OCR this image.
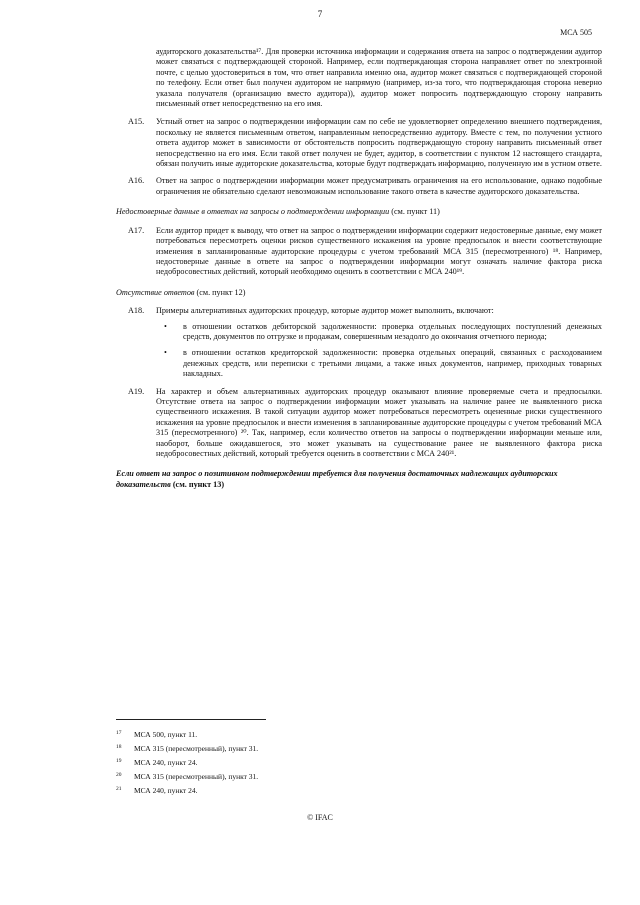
7
МСА 505

аудиторского доказательства¹⁷. Для проверки источника информации и содержания ответа на запрос о подтверждении аудитор может связаться с подтверждающей стороной. Например, если подтверждающая сторона направляет ответ по электронной почте, с целью удостовериться в том, что ответ направила именно она, аудитор может связаться с подтверждающей стороной по телефону. Если ответ был получен аудитором не напрямую (например, из-за того, что подтверждающая сторона неверно указала получателя (организацию вместо аудитора)), аудитор может попросить подтверждающую сторону направить письменный ответ непосредственно на его имя.

A15. Устный ответ на запрос о подтверждении информации сам по себе не удовлетворяет определению внешнего подтверждения, поскольку не является письменным ответом, направленным непосредственно аудитору. Вместе с тем, по получении устного ответа аудитор может в зависимости от обстоятельств попросить подтверждающую сторону направить письменный ответ непосредственно на его имя. Если такой ответ получен не будет, аудитор, в соответствии с пунктом 12 настоящего стандарта, обязан получить иные аудиторские доказательства, которые будут подтверждать информацию, полученную им в устном ответе.
A16. Ответ на запрос о подтверждении информации может предусматривать ограничения на его использование, однако подобные ограничения не обязательно сделают невозможным использование такого ответа в качестве аудиторского доказательства.
Недостоверные данные в ответах на запросы о подтверждении информации (см. пункт 11)
A17. Если аудитор придет к выводу, что ответ на запрос о подтверждении информации содержит недостоверные данные, ему может потребоваться пересмотреть оценки рисков существенного искажения на уровне предпосылок и внести соответствующие изменения в запланированные аудиторские процедуры с учетом требований МСА 315 (пересмотренного) ¹⁸. Например, недостоверные данные в ответе на запрос о подтверждении информации могут означать наличие фактора риска недобросовестных действий, который необходимо оценить в соответствии с МСА 240¹⁹.
Отсутствие ответов (см. пункт 12)
A18. Примеры альтернативных аудиторских процедур, которые аудитор может выполнить, включают:
• в отношении остатков дебиторской задолженности: проверка отдельных последующих поступлений денежных средств, документов по отгрузке и продажам, совершенным незадолго до окончания отчетного периода;
• в отношении остатков кредиторской задолженности: проверка отдельных операций, связанных с расходованием денежных средств, или переписки с третьими лицами, а также иных документов, например, приходных товарных накладных.
A19. На характер и объем альтернативных аудиторских процедур оказывают влияние проверяемые счета и предпосылки. Отсутствие ответа на запрос о подтверждении информации может указывать на наличие ранее не выявленного риска существенного искажения. В такой ситуации аудитор может потребоваться пересмотреть оцененные риски существенного искажения на уровне предпосылок и внести изменения в запланированные аудиторские процедуры с учетом требований МСА 315 (пересмотренного) ²⁰. Так, например, если количество ответов на запросы о подтверждении информации меньше или, наоборот, больше ожидавшегося, это может указывать на существование ранее не выявленного фактора риска недобросовестных действий, который требуется оценить в соответствии с МСА 240²¹.
Если ответ на запрос о позитивном подтверждении требуется для получения достаточных надлежащих аудиторских доказательств (см. пункт 13)
17	МСА 500, пункт 11.
18	МСА 315 (пересмотренный), пункт 31.
19	МСА 240, пункт 24.
20	МСА 315 (пересмотренный), пункт 31.
21	МСА 240, пункт 24.
© IFAC
